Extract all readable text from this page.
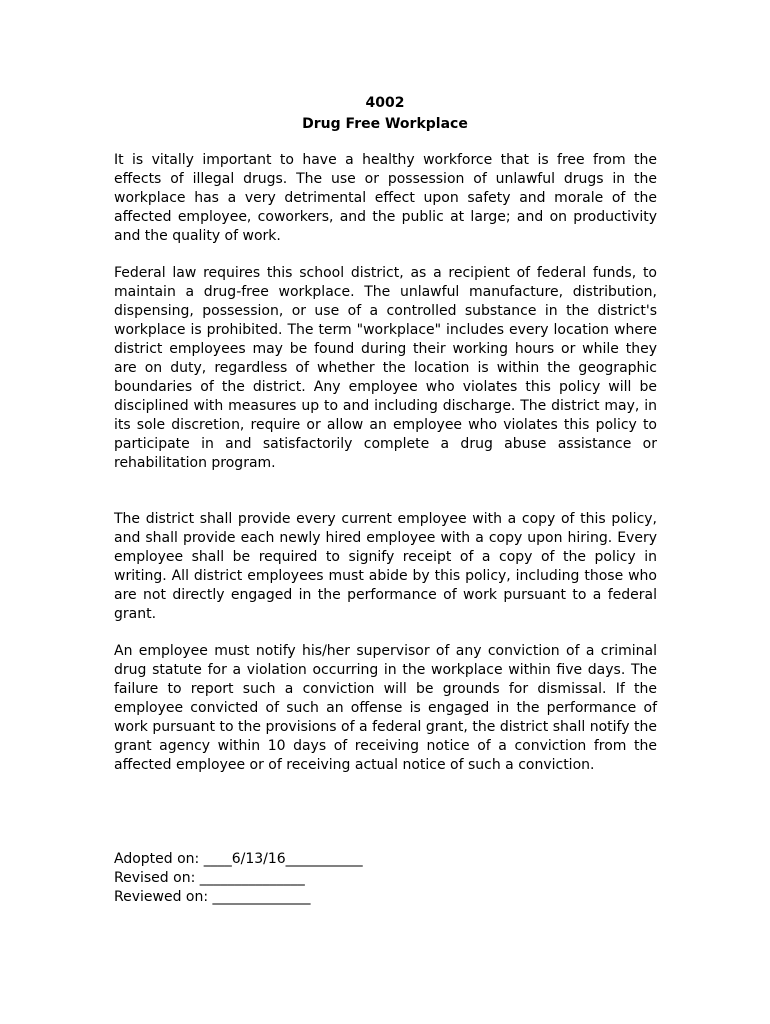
4002
Drug Free Workplace

It is vitally important to have a healthy workforce that is free from the effects of illegal drugs. The use or possession of unlawful drugs in the workplace has a very detrimental effect upon safety and morale of the affected employee, coworkers, and the public at large; and on productivity and the quality of work.

Federal law requires this school district, as a recipient of federal funds, to maintain a drug-free workplace. The unlawful manufacture, distribution, dispensing, possession, or use of a controlled substance in the district's workplace is prohibited. The term "workplace" includes every location where district employees may be found during their working hours or while they are on duty, regardless of whether the location is within the geographic boundaries of the district. Any employee who violates this policy will be disciplined with measures up to and including discharge. The district may, in its sole discretion, require or allow an employee who violates this policy to participate in and satisfactorily complete a drug abuse assistance or rehabilitation program.

The district shall provide every current employee with a copy of this policy, and shall provide each newly hired employee with a copy upon hiring. Every employee shall be required to signify receipt of a copy of the policy in writing. All district employees must abide by this policy, including those who are not directly engaged in the performance of work pursuant to a federal grant.

An employee must notify his/her supervisor of any conviction of a criminal drug statute for a violation occurring in the workplace within five days. The failure to report such a conviction will be grounds for dismissal. If the employee convicted of such an offense is engaged in the performance of work pursuant to the provisions of a federal grant, the district shall notify the grant agency within 10 days of receiving notice of a conviction from the affected employee or of receiving actual notice of such a conviction.

Adopted on: ____6/13/16___________
Revised on: _______________
Reviewed on: ______________
